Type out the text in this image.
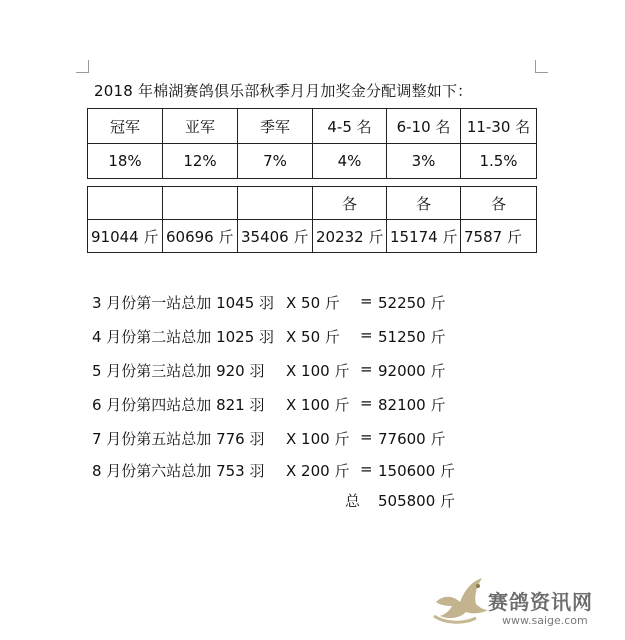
2018 年棉湖赛鸽俱乐部秋季月月加奖金分配调整如下：
冠军	亚军	季军	4-5 名	6-10 名	11-30 名
18%	12%	7%	4%	3%	1.5%
			各	各	各
91044 斤	60696 斤	35406 斤	20232 斤	15174 斤	7587 斤
3 月份第一站总加 1045 羽 X 50 斤 = 52250 斤
4 月份第二站总加 1025 羽 X 50 斤 = 51250 斤
5 月份第三站总加 920 羽 X 100 斤 = 92000 斤
6 月份第四站总加 821 羽 X 100 斤 = 82100 斤
7 月份第五站总加 776 羽 X 100 斤 = 77600 斤
8 月份第六站总加 753 羽 X 200 斤 = 150600 斤
总 505800 斤
赛鸽资讯网
www.saige.com
